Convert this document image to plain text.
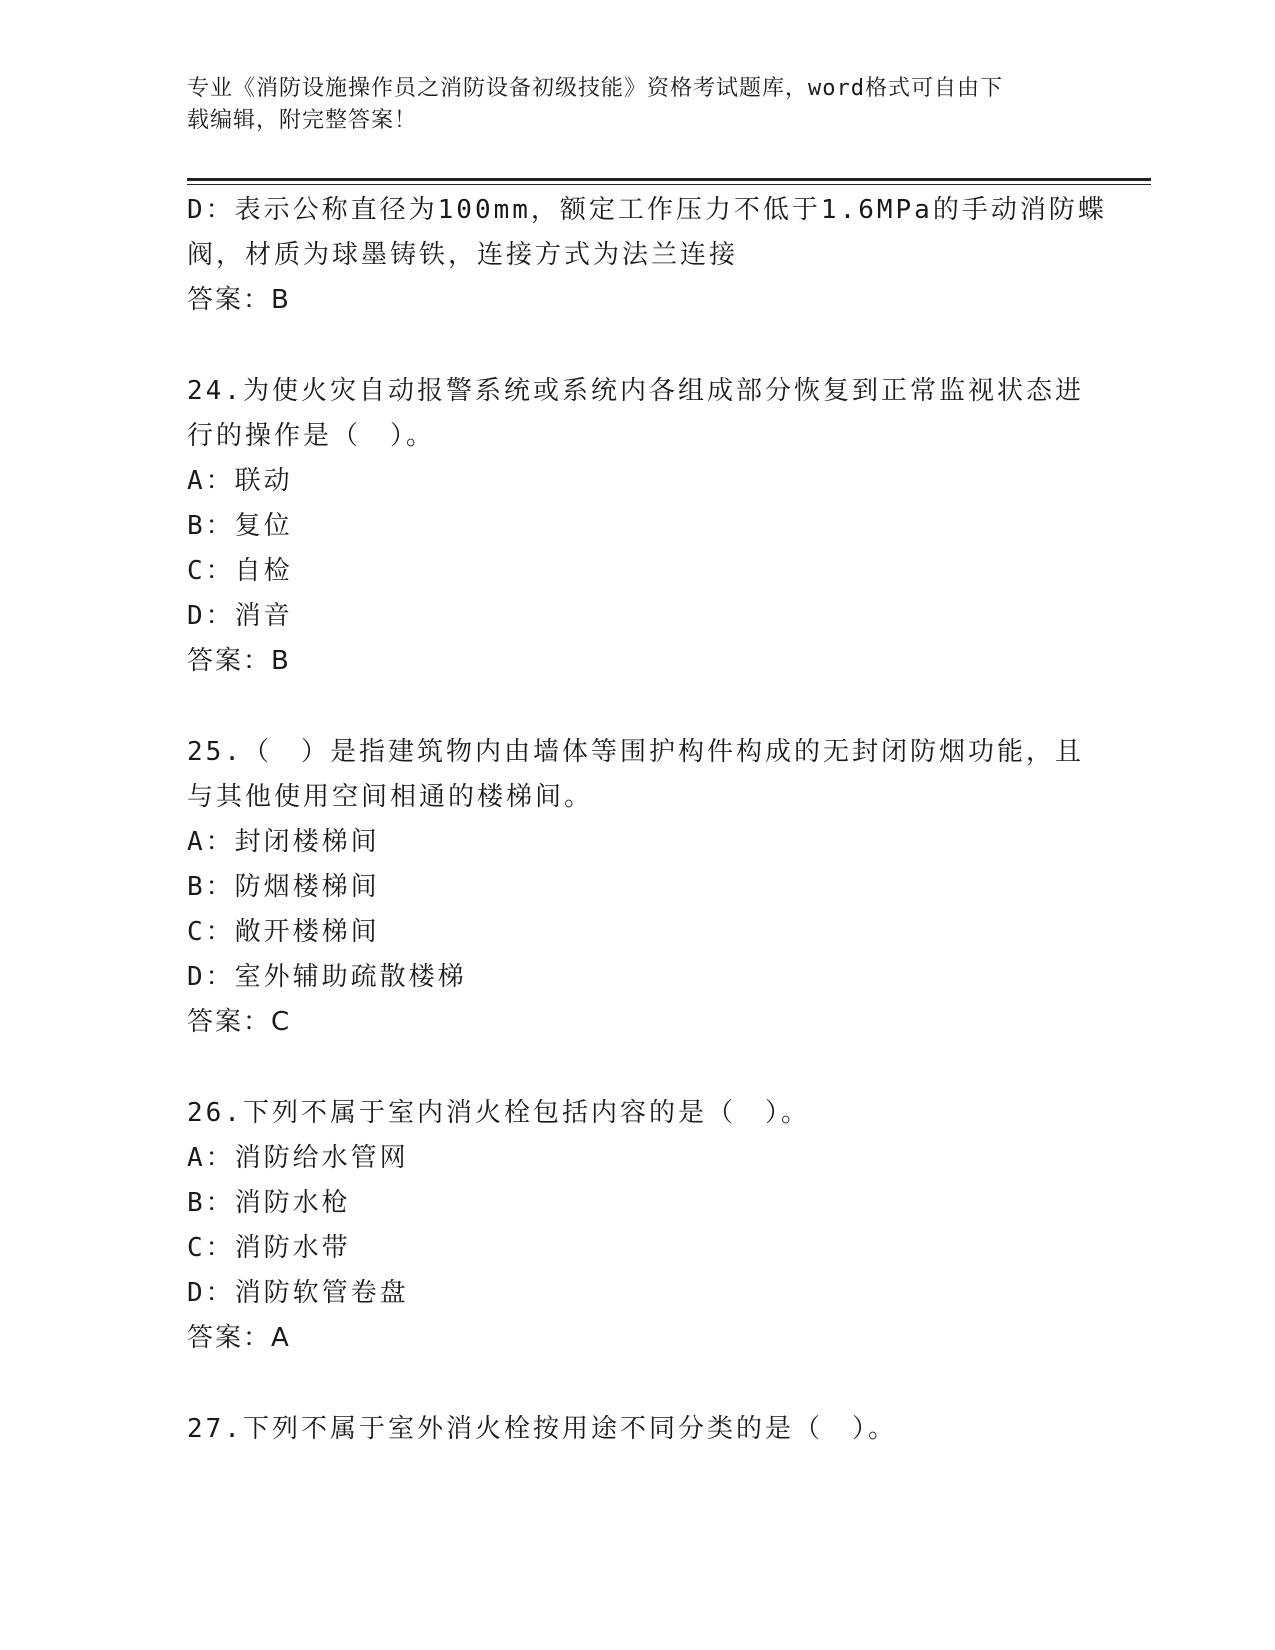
专业《消防设施操作员之消防设备初级技能》资格考试题库，word格式可自由下
载编辑，附完整答案！
D：表示公称直径为100mm，额定工作压力不低于1.6MPa的手动消防蝶
阀，材质为球墨铸铁，连接方式为法兰连接
答案：B
24.为使火灾自动报警系统或系统内各组成部分恢复到正常监视状态进
行的操作是（　）。
A：联动
B：复位
C：自检
D：消音
答案：B
25.（　）是指建筑物内由墙体等围护构件构成的无封闭防烟功能，且
与其他使用空间相通的楼梯间。
A：封闭楼梯间
B：防烟楼梯间
C：敞开楼梯间
D：室外辅助疏散楼梯
答案：C
26.下列不属于室内消火栓包括内容的是（　）。
A：消防给水管网
B：消防水枪
C：消防水带
D：消防软管卷盘
答案：A
27.下列不属于室外消火栓按用途不同分类的是（　）。
